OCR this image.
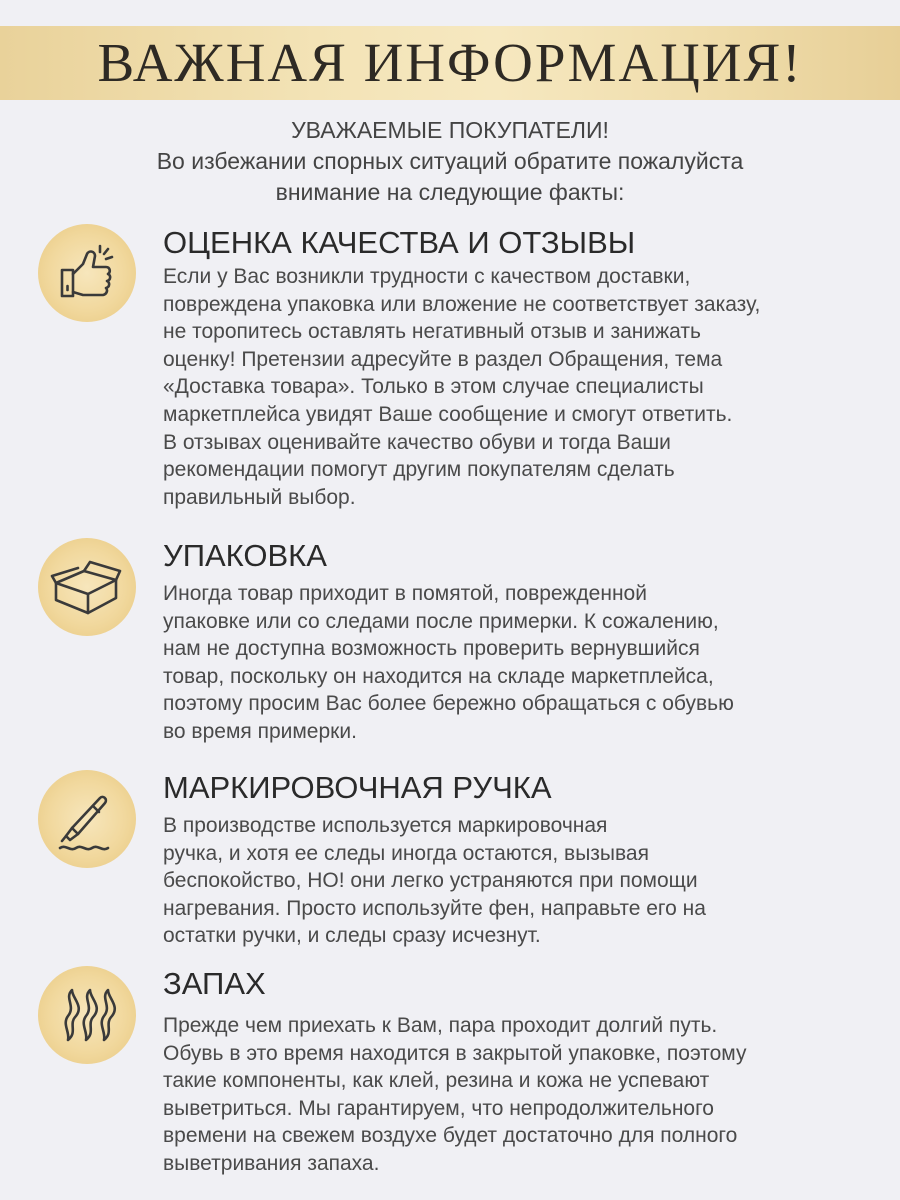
ВАЖНАЯ ИНФОРМАЦИЯ!
УВАЖАЕМЫЕ ПОКУПАТЕЛИ!
Во избежании спорных ситуаций обратите пожалуйста
внимание на следующие факты:
ОЦЕНКА КАЧЕСТВА И ОТЗЫВЫ
Если у Вас возникли трудности с качеством доставки,
повреждена упаковка или вложение не соответствует заказу,
не торопитесь оставлять негативный отзыв и занижать
оценку! Претензии адресуйте в раздел Обращения, тема
«Доставка товара». Только в этом случае специалисты
маркетплейса увидят Ваше сообщение и смогут ответить.
В отзывах оценивайте качество обуви и тогда Ваши
рекомендации помогут другим покупателям сделать
правильный выбор.
УПАКОВКА
Иногда товар приходит в помятой, поврежденной
упаковке или со следами после примерки. К сожалению,
нам не доступна возможность проверить вернувшийся
товар, поскольку он находится на складе маркетплейса,
поэтому просим Вас более бережно обращаться с обувью
во время примерки.
МАРКИРОВОЧНАЯ РУЧКА
В производстве используется маркировочная
ручка, и хотя ее следы иногда остаются, вызывая
беспокойство, НО! они легко устраняются при помощи
нагревания. Просто используйте фен, направьте его на
остатки ручки, и следы сразу исчезнут.
ЗАПАХ
Прежде чем приехать к Вам, пара проходит долгий путь.
Обувь в это время находится в закрытой упаковке, поэтому
такие компоненты, как клей, резина и кожа не успевают
выветриться. Мы гарантируем, что непродолжительного
времени на свежем воздухе будет достаточно для полного
выветривания запаха.
